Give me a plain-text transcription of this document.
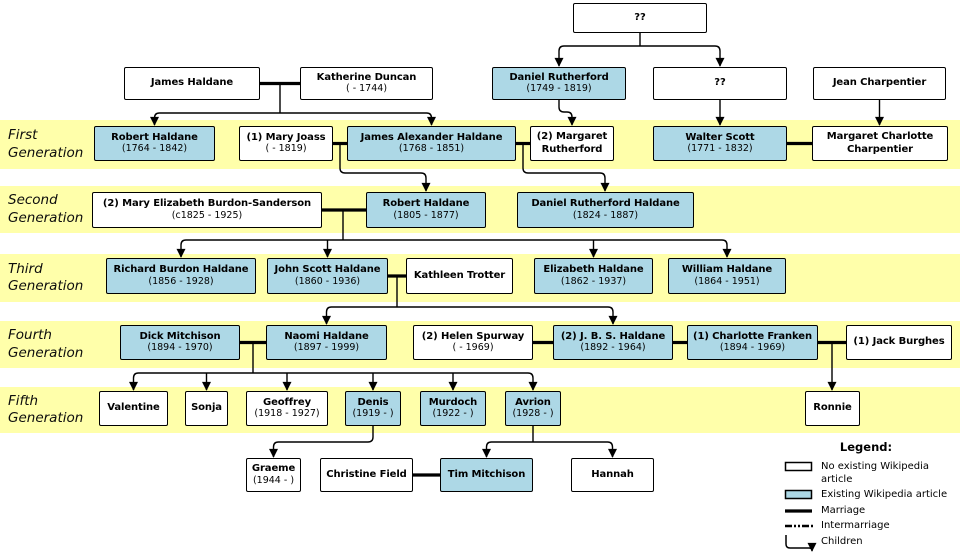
First Generation
Second Generation
Third Generation
Fourth Generation
Fifth Generation
??
James Haldane	Katherine Duncan
( - 1744)
Daniel Rutherford
(1749 - 1819)
??	Jean Charpentier
Robert Haldane
(1764 - 1842)
(1) Mary Joass
( - 1819)
James Alexander Haldane
(1768 - 1851)
(2) Margaret
Rutherford
Walter Scott
(1771 - 1832)
Margaret Charlotte
Charpentier
(2) Mary Elizabeth Burdon-Sanderson
(c1825 - 1925)
Robert Haldane
(1805 - 1877)
Daniel Rutherford Haldane
(1824 - 1887)
Richard Burdon Haldane
(1856 - 1928)
John Scott Haldane
(1860 - 1936)
Kathleen Trotter	Elizabeth Haldane
(1862 - 1937)
William Haldane
(1864 - 1951)
Dick Mitchison
(1894 - 1970)
Naomi Haldane
(1897 - 1999)
(2) Helen Spurway
( - 1969)
(2) J. B. S. Haldane
(1892 - 1964)
(1) Charlotte Franken
(1894 - 1969)
(1) Jack Burghes
Valentine	Sonja	Geoffrey
(1918 - 1927)
Denis
(1919 - )
Murdoch
(1922 - )
Avrion
(1928 - )
Ronnie
Graeme
(1944 - )
Christine Field	Tim Mitchison	Hannah
Legend:
No existing Wikipedia article
Existing Wikipedia article
Marriage
Intermarriage
Children
